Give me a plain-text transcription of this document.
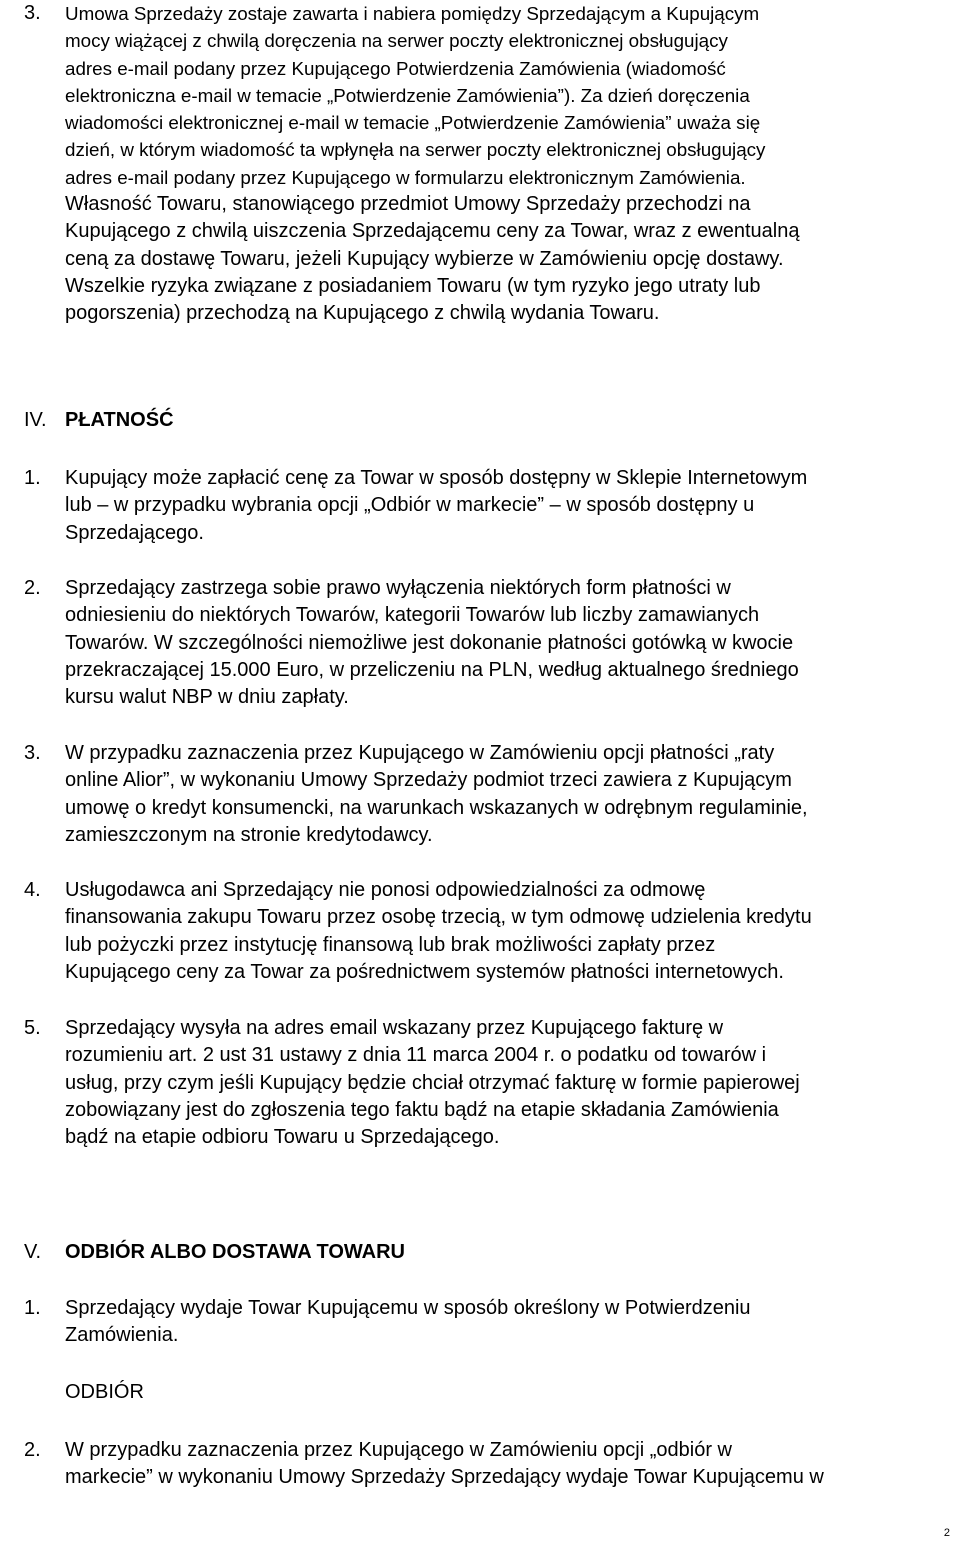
3. Umowa Sprzedaży zostaje zawarta i nabiera pomiędzy Sprzedającym a Kupującym
mocy wiążącej z chwilą doręczenia na serwer poczty elektronicznej obsługujący
adres e-mail podany przez Kupującego Potwierdzenia Zamówienia (wiadomość
elektroniczna e-mail w temacie „Potwierdzenie Zamówienia”). Za dzień doręczenia
wiadomości elektronicznej e-mail w temacie „Potwierdzenie Zamówienia” uważa się
dzień, w którym wiadomość ta wpłynęła na serwer poczty elektronicznej obsługujący
adres e-mail podany przez Kupującego w formularzu elektronicznym Zamówienia.
Własność Towaru, stanowiącego przedmiot Umowy Sprzedaży przechodzi na
Kupującego z chwilą uiszczenia Sprzedającemu ceny za Towar, wraz z ewentualną
ceną za dostawę Towaru, jeżeli Kupujący wybierze w Zamówieniu opcję dostawy.
Wszelkie ryzyka związane z posiadaniem Towaru (w tym ryzyko jego utraty lub
pogorszenia) przechodzą na Kupującego z chwilą wydania Towaru.
IV. PŁATNOŚĆ
1. Kupujący może zapłacić cenę za Towar w sposób dostępny w Sklepie Internetowym
lub – w przypadku wybrania opcji „Odbiór w markecie” – w sposób dostępny u
Sprzedającego.
2. Sprzedający zastrzega sobie prawo wyłączenia niektórych form płatności w
odniesieniu do niektórych Towarów, kategorii Towarów lub liczby zamawianych
Towarów. W szczególności niemożliwe jest dokonanie płatności gotówką w kwocie
przekraczającej 15.000 Euro, w przeliczeniu na PLN, według aktualnego średniego
kursu walut NBP w dniu zapłaty.
3. W przypadku zaznaczenia przez Kupującego w Zamówieniu opcji płatności „raty
online Alior”, w wykonaniu Umowy Sprzedaży podmiot trzeci zawiera z Kupującym
umowę o kredyt konsumencki, na warunkach wskazanych w odrębnym regulaminie,
zamieszczonym na stronie kredytodawcy.
4. Usługodawca ani Sprzedający nie ponosi odpowiedzialności za odmowę
finansowania zakupu Towaru przez osobę trzecią, w tym odmowę udzielenia kredytu
lub pożyczki przez instytucję finansową lub brak możliwości zapłaty przez
Kupującego ceny za Towar za pośrednictwem systemów płatności internetowych.
5. Sprzedający wysyła na adres email wskazany przez Kupującego fakturę w
rozumieniu art. 2 ust 31 ustawy z dnia 11 marca 2004 r. o podatku od towarów i
usług, przy czym jeśli Kupujący będzie chciał otrzymać fakturę w formie papierowej
zobowiązany jest do zgłoszenia tego faktu bądź na etapie składania Zamówienia
bądź na etapie odbioru Towaru u Sprzedającego.
V. ODBIÓR ALBO DOSTAWA TOWARU
1. Sprzedający wydaje Towar Kupującemu w sposób określony w Potwierdzeniu
Zamówienia.
ODBIÓR
2. W przypadku zaznaczenia przez Kupującego w Zamówieniu opcji „odbiór w
markecie” w wykonaniu Umowy Sprzedaży Sprzedający wydaje Towar Kupującemu w
2
